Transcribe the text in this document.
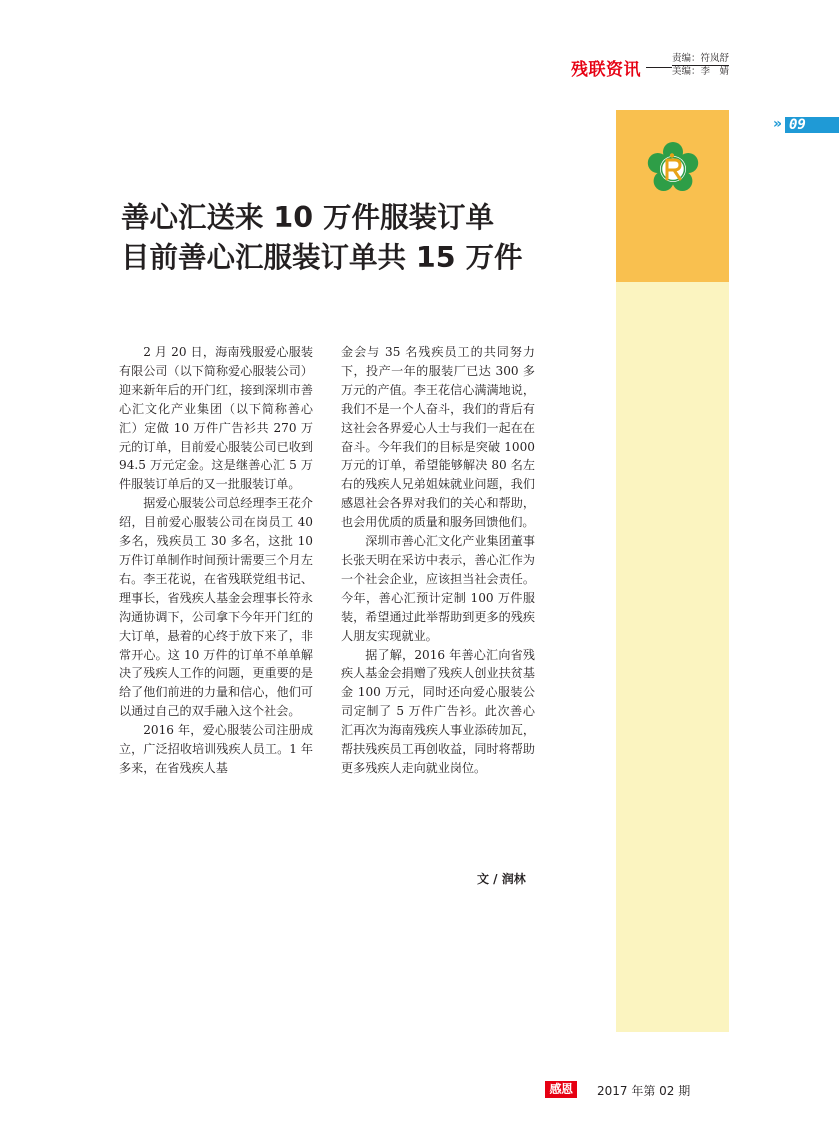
残联资讯
责编：符岚舒
美编：李　婧
» 09
善心汇送来 10 万件服装订单
目前善心汇服装订单共 15 万件

2 月 20 日，海南残服爱心服装有限公司（以下简称爱心服装公司）迎来新年后的开门红，接到深圳市善心汇文化产业集团（以下简称善心汇）定做 10 万件广告衫共 270 万元的订单，目前爱心服装公司已收到 94.5 万元定金。这是继善心汇 5 万件服装订单后的又一批服装订单。

据爱心服装公司总经理李王花介绍，目前爱心服装公司在岗员工 40 多名，残疾员工 30 多名，这批 10 万件订单制作时间预计需要三个月左右。李王花说，在省残联党组书记、理事长，省残疾人基金会理事长符永沟通协调下，公司拿下今年开门红的大订单，悬着的心终于放下来了，非常开心。这 10 万件的订单不单单解决了残疾人工作的问题，更重要的是给了他们前进的力量和信心，他们可以通过自己的双手融入这个社会。

2016 年，爱心服装公司注册成立，广泛招收培训残疾人员工。1 年多来，在省残疾人基

金会与 35 名残疾员工的共同努力下，投产一年的服装厂已达 300 多万元的产值。李王花信心满满地说，我们不是一个人奋斗，我们的背后有这社会各界爱心人士与我们一起在在奋斗。今年我们的目标是突破 1000 万元的订单，希望能够解决 80 名左右的残疾人兄弟姐妹就业问题，我们感恩社会各界对我们的关心和帮助，也会用优质的质量和服务回馈他们。

深圳市善心汇文化产业集团董事长张天明在采访中表示，善心汇作为一个社会企业，应该担当社会责任。今年，善心汇预计定制 100 万件服装，希望通过此举帮助到更多的残疾人朋友实现就业。

据了解，2016 年善心汇向省残疾人基金会捐赠了残疾人创业扶贫基金 100 万元，同时还向爱心服装公司定制了 5 万件广告衫。此次善心汇再次为海南残疾人事业添砖加瓦，帮扶残疾员工再创收益，同时将帮助更多残疾人走向就业岗位。

文 / 润林
感恩	2017 年第 02 期
